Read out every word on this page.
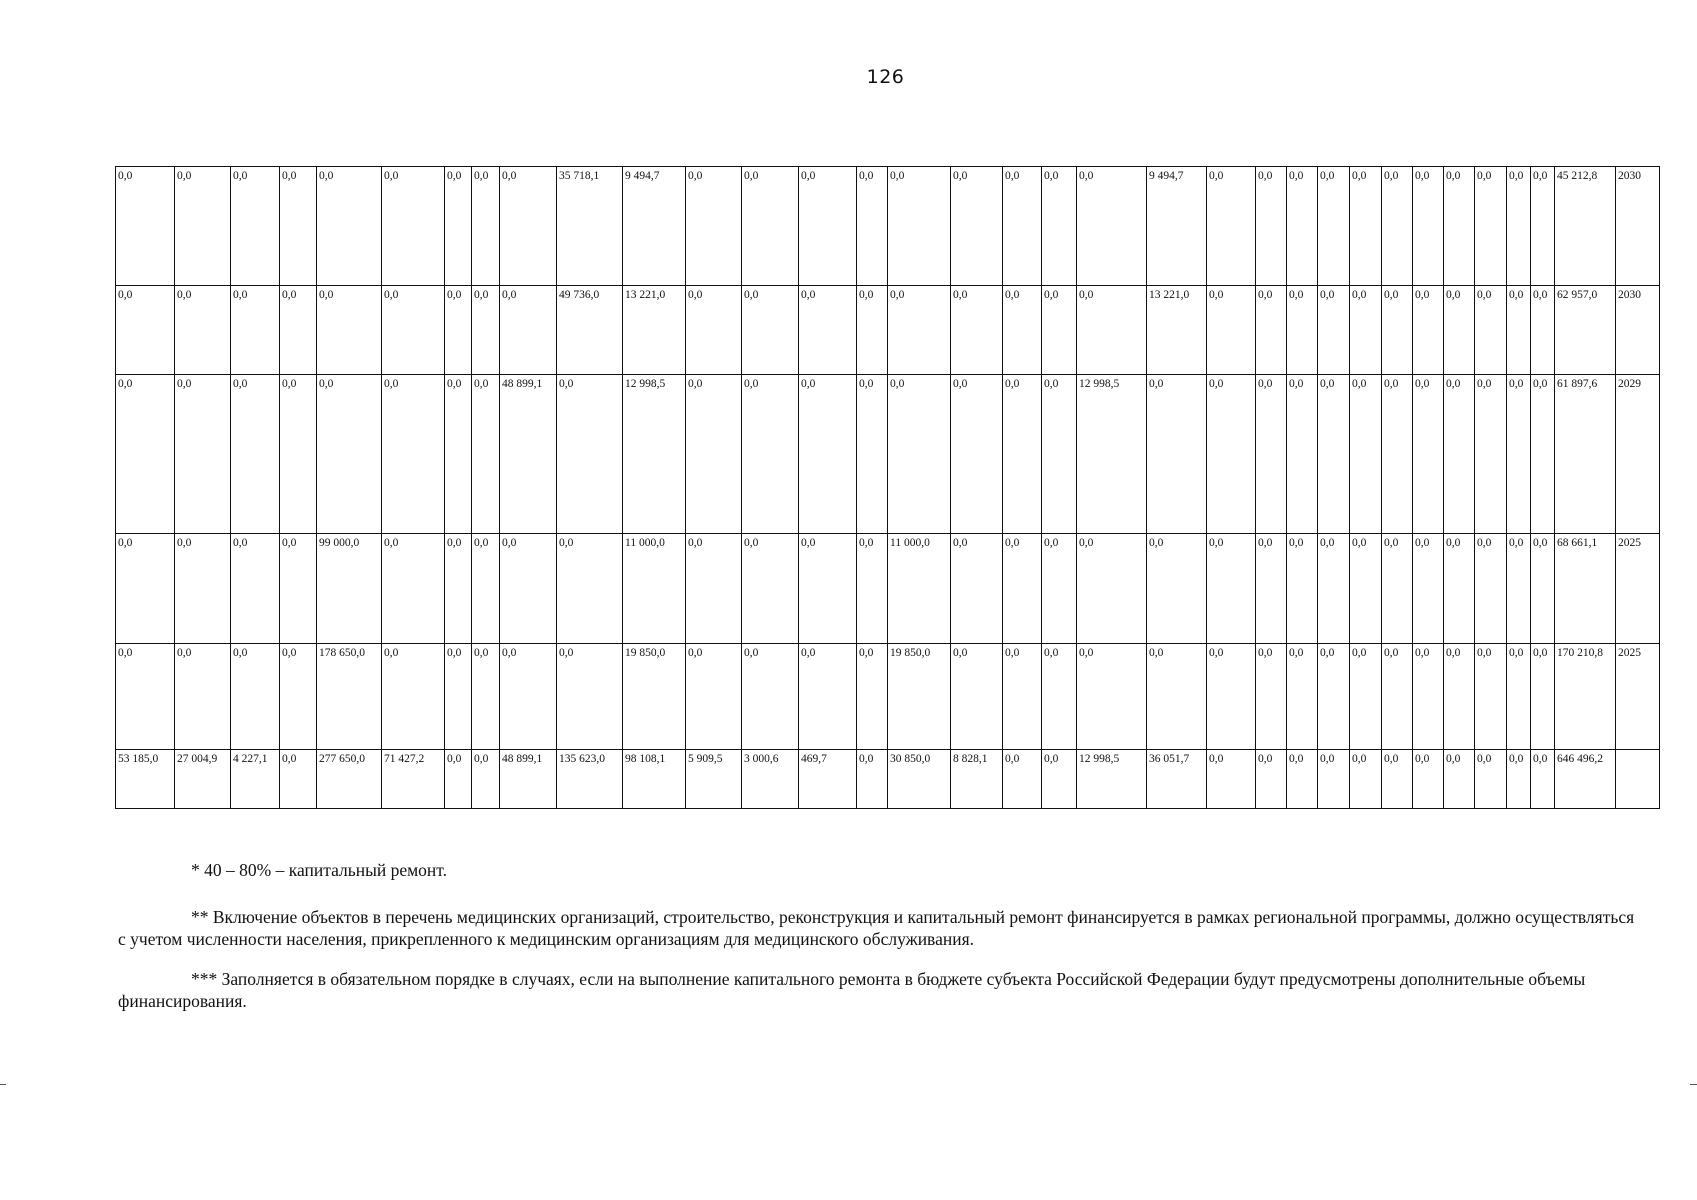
126
0,0	0,0	0,0	0,0	0,0	0,0	0,0	0,0	0,0	35 718,1	9 494,7	0,0	0,0	0,0	0,0	0,0	0,0	0,0	0,0	0,0	9 494,7	0,0	0,0	0,0	0,0	0,0	0,0	0,0	0,0	0,0	0,0	0,0	45 212,8	2030
0,0	0,0	0,0	0,0	0,0	0,0	0,0	0,0	0,0	49 736,0	13 221,0	0,0	0,0	0,0	0,0	0,0	0,0	0,0	0,0	0,0	13 221,0	0,0	0,0	0,0	0,0	0,0	0,0	0,0	0,0	0,0	0,0	0,0	62 957,0	2030
0,0	0,0	0,0	0,0	0,0	0,0	0,0	0,0	48 899,1	0,0	12 998,5	0,0	0,0	0,0	0,0	0,0	0,0	0,0	0,0	12 998,5	0,0	0,0	0,0	0,0	0,0	0,0	0,0	0,0	0,0	0,0	0,0	0,0	61 897,6	2029
0,0	0,0	0,0	0,0	99 000,0	0,0	0,0	0,0	0,0	0,0	11 000,0	0,0	0,0	0,0	0,0	11 000,0	0,0	0,0	0,0	0,0	0,0	0,0	0,0	0,0	0,0	0,0	0,0	0,0	0,0	0,0	0,0	0,0	68 661,1	2025
0,0	0,0	0,0	0,0	178 650,0	0,0	0,0	0,0	0,0	0,0	19 850,0	0,0	0,0	0,0	0,0	19 850,0	0,0	0,0	0,0	0,0	0,0	0,0	0,0	0,0	0,0	0,0	0,0	0,0	0,0	0,0	0,0	0,0	170 210,8	2025
53 185,0	27 004,9	4 227,1	0,0	277 650,0	71 427,2	0,0	0,0	48 899,1	135 623,0	98 108,1	5 909,5	3 000,6	469,7	0,0	30 850,0	8 828,1	0,0	0,0	12 998,5	36 051,7	0,0	0,0	0,0	0,0	0,0	0,0	0,0	0,0	0,0	0,0	0,0	646 496,2	
* 40 – 80% – капитальный ремонт.
** Включение объектов в перечень медицинских организаций, строительство, реконструкция и капитальный ремонт финансируется в рамках региональной программы, должно осуществляться с учетом численности населения, прикрепленного к медицинским организациям для медицинского обслуживания.
*** Заполняется в обязательном порядке в случаях, если на выполнение капитального ремонта в бюджете субъекта Российской Федерации будут предусмотрены дополнительные объемы финансирования.
